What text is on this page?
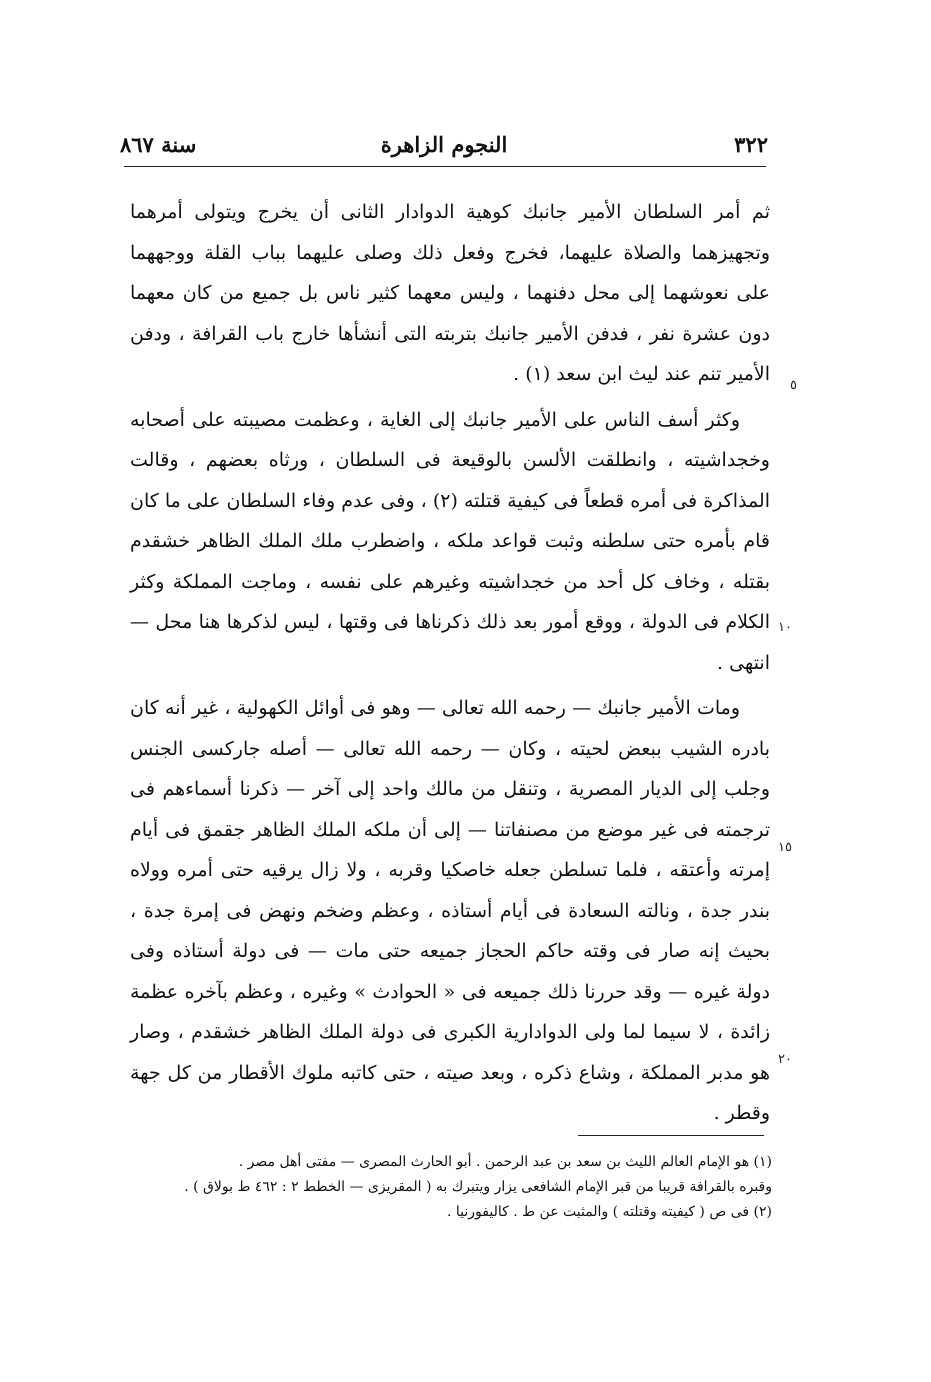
٣٢٢
النجوم الزاهرة
سنة ٨٦٧

ثم أمر السلطان الأمير جانبك كوهية الدوادار الثانى أن يخرج ويتولى أمرهما وتجهيزهما والصلاة عليهما، فخرج وفعل ذلك وصلى عليهما بباب القلة ووجههما على نعوشهما إلى محل دفنهما ، وليس معهما كثير ناس بل جميع من كان معهما دون عشرة نفر ، فدفن الأمير جانبك بتربته التى أنشأها خارج باب القرافة ، ودفن الأمير تنم عند ليث ابن سعد (١) .

وكثر أسف الناس على الأمير جانبك إلى الغاية ، وعظمت مصيبته على أصحابه وخجداشيته ، وانطلقت الألسن بالوقيعة فى السلطان ، ورثاه بعضهم ، وقالت المذاكرة فى أمره قطعاً فى كيفية قتلته (٢) ، وفى عدم وفاء السلطان على ما كان قام بأمره حتى سلطنه وثبت قواعد ملكه ، واضطرب ملك الملك الظاهر خشقدم بقتله ، وخاف كل أحد من خجداشيته وغيرهم على نفسه ، وماجت المملكة وكثر الكلام فى الدولة ، ووقع أمور بعد ذلك ذكرناها فى وقتها ، ليس لذكرها هنا محل — انتهى .

ومات الأمير جانبك — رحمه الله تعالى — وهو فى أوائل الكهولية ، غير أنه كان بادره الشيب ببعض لحيته ، وكان — رحمه الله تعالى — أصله جاركسى الجنس وجلب إلى الديار المصرية ، وتنقل من مالك واحد إلى آخر — ذكرنا أسماءهم فى ترجمته فى غير موضع من مصنفاتنا — إلى أن ملكه الملك الظاهر جقمق فى أيام إمرته وأعتقه ، فلما تسلطن جعله خاصكيا وقربه ، ولا زال يرقيه حتى أمره وولاه بندر جدة ، ونالته السعادة فى أيام أستاذه ، وعظم وضخم ونهض فى إمرة جدة ، بحيث إنه صار فى وقته حاكم الحجاز جميعه حتى مات — فى دولة أستاذه وفى دولة غيره — وقد حررنا ذلك جميعه فى « الحوادث » وغيره ، وعظم بآخره عظمة زائدة ، لا سيما لما ولى الدوادارية الكبرى فى دولة الملك الظاهر خشقدم ، وصار هو مدبر المملكة ، وشاع ذكره ، وبعد صيته ، حتى كاتبه ملوك الأقطار من كل جهة وقطر .

٥
١٠
١٥
٢٠
(١) هو الإمام العالم الليث بن سعد بن عبد الرحمن . أبو الحارث المصرى — مفتى أهل مصر .
وقبره بالقرافة قريبا من قبر الإمام الشافعى يزار ويتبرك به ( المقريزى — الخطط ٢ : ٤٦٢ ط بولاق ) .
(٢) فى ص ( كيفيته وقتلته ) والمثبت عن ط . كاليفورنيا .
